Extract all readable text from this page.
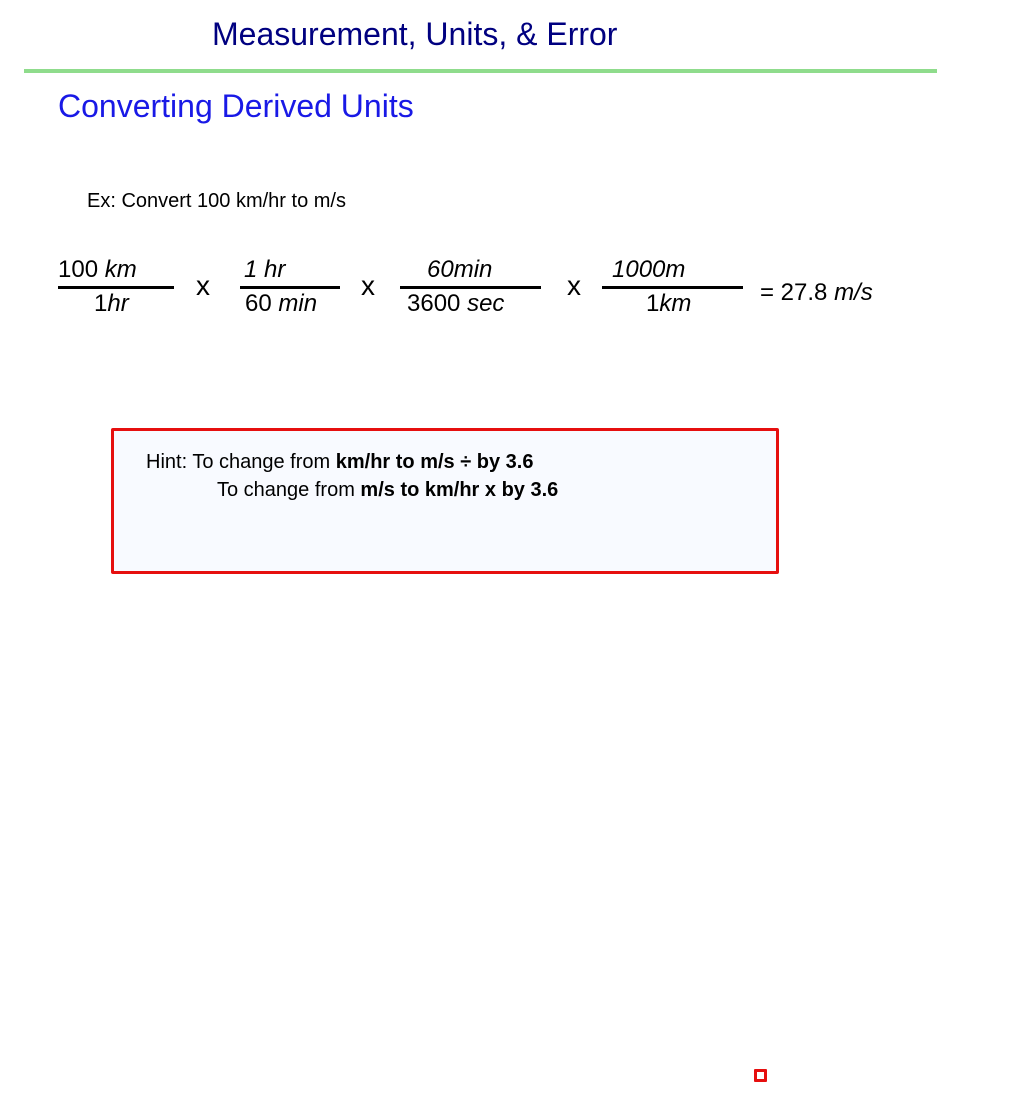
Measurement, Units, & Error
Converting Derived Units
Ex: Convert 100 km/hr to m/s
100 km
1hr
x
1 hr
60 min
x
60min
3600 sec
x
1000m
1km	= 27.8 m/s
Hint: To change from km/hr to m/s ÷ by 3.6
To change from m/s to km/hr x by 3.6
